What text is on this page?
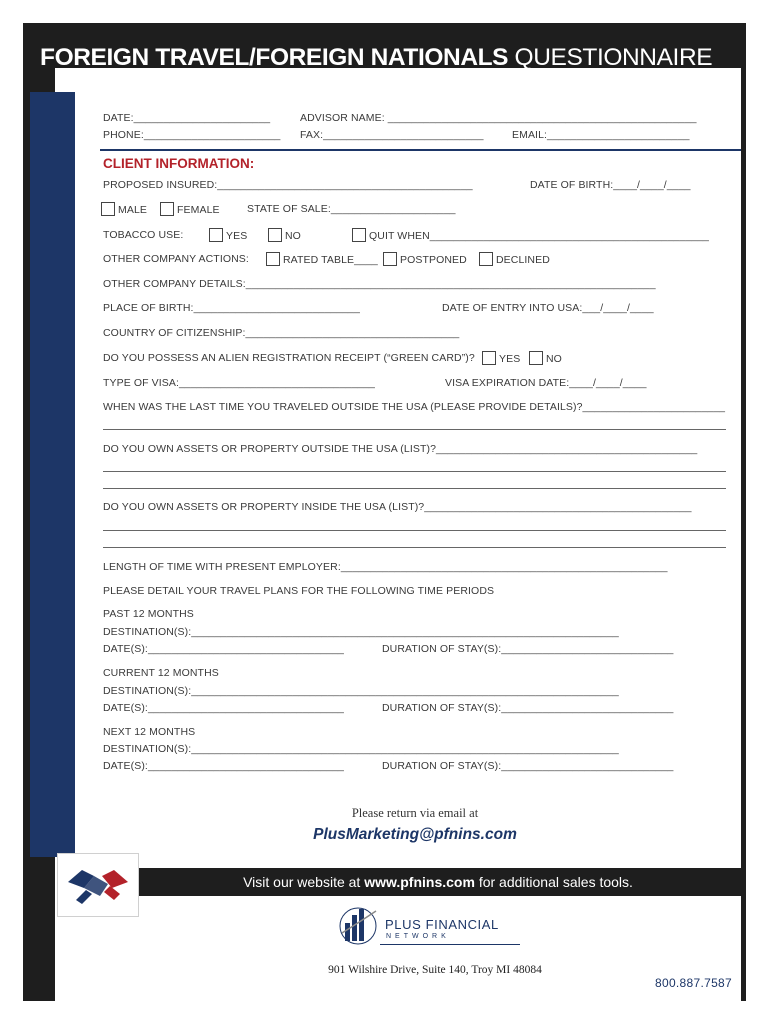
FOREIGN TRAVEL/FOREIGN NATIONALS QUESTIONNAIRE
DATE:_______________________	ADVISOR NAME: ____________________________________________________
PHONE:_______________________ FAX:___________________________	EMAIL:________________________
CLIENT INFORMATION:
PROPOSED INSURED:___________________________________________	DATE OF BIRTH:____/____/____
MALE	FEMALE	STATE OF SALE:_____________________
TOBACCO USE:	YES	NO	QUIT WHEN_______________________________________________
OTHER COMPANY ACTIONS:	RATED TABLE____	POSTPONED	DECLINED
OTHER COMPANY DETAILS:_____________________________________________________________________
PLACE OF BIRTH:____________________________	DATE OF ENTRY INTO USA:___/____/____
COUNTRY OF CITIZENSHIP:____________________________________
DO YOU POSSESS AN ALIEN REGISTRATION RECEIPT (“GREEN CARD”)?	YES	NO
TYPE OF VISA:_________________________________	VISA EXPIRATION DATE:____/____/____
WHEN WAS THE LAST TIME YOU TRAVELED OUTSIDE THE USA (PLEASE PROVIDE DETAILS)?________________________
DO YOU OWN ASSETS OR PROPERTY OUTSIDE THE USA (LIST)?____________________________________________
DO YOU OWN ASSETS OR PROPERTY INSIDE THE USA (LIST)?_____________________________________________
LENGTH OF TIME WITH PRESENT EMPLOYER:_______________________________________________________
PLEASE DETAIL YOUR TRAVEL PLANS FOR THE FOLLOWING TIME PERIODS
PAST 12 MONTHS
DESTINATION(S):________________________________________________________________________
DATE(S):_________________________________	DURATION OF STAY(S):_____________________________
CURRENT 12 MONTHS
DESTINATION(S):________________________________________________________________________
DATE(S):_________________________________	DURATION OF STAY(S):_____________________________
NEXT 12 MONTHS
DESTINATION(S):________________________________________________________________________
DATE(S):_________________________________	DURATION OF STAY(S):_____________________________
Please return via email at
PlusMarketing@pfnins.com
Visit our website at www.pfnins.com for additional sales tools.
PLUS FINANCIAL
NETWORK
901 Wilshire Drive, Suite 140, Troy MI 48084
800.887.7587
